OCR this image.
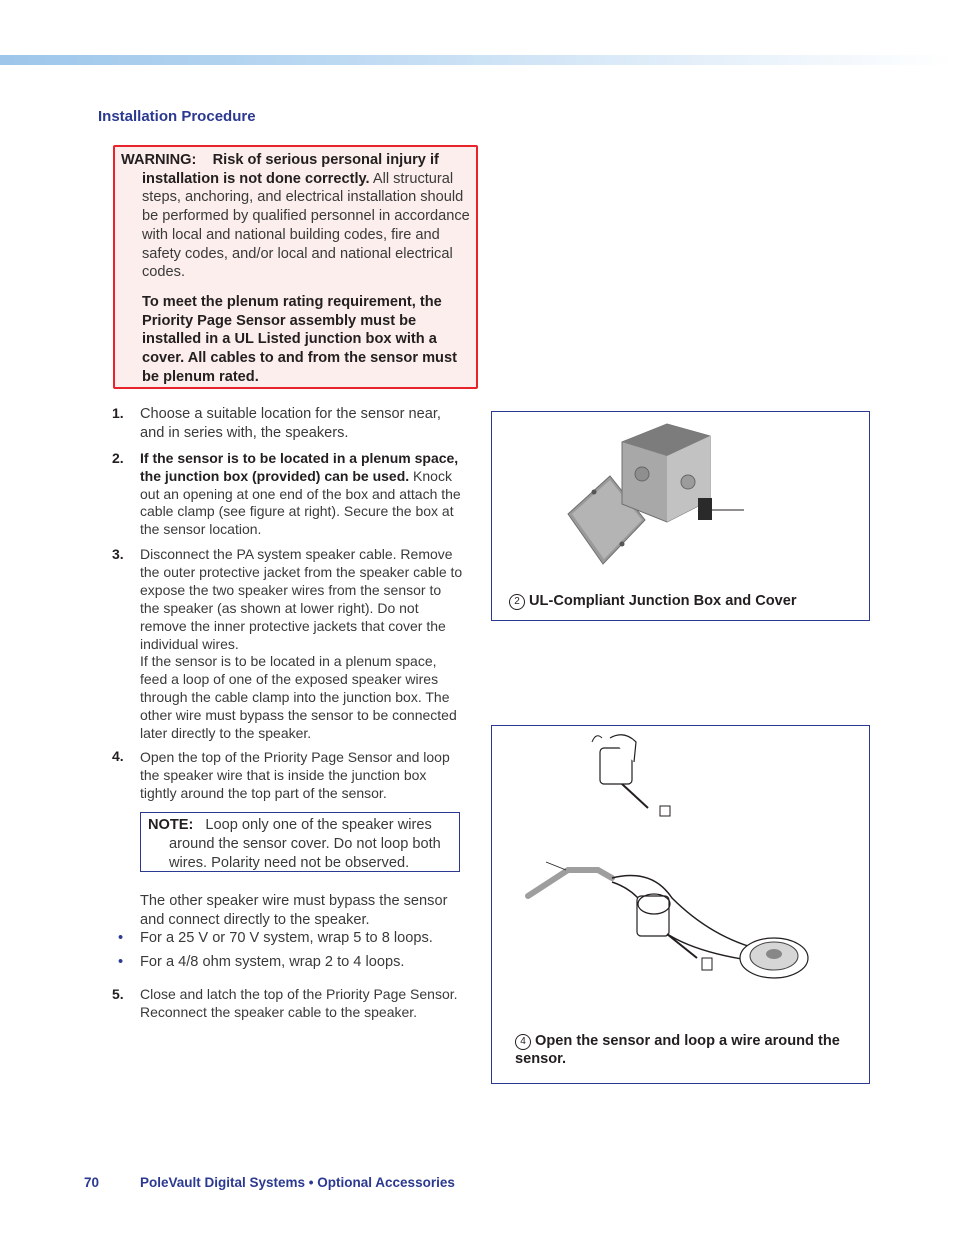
Installation Procedure
WARNING: Risk of serious personal injury if installation is not done correctly. All structural steps, anchoring, and electrical installation should be performed by qualified personnel in accordance with local and national building codes, fire and safety codes, and/or local and national electrical codes.
To meet the plenum rating requirement, the Priority Page Sensor assembly must be installed in a UL Listed junction box with a cover. All cables to and from the sensor must be plenum rated.
1. Choose a suitable location for the sensor near, and in series with, the speakers.
2. If the sensor is to be located in a plenum space, the junction box (provided) can be used. Knock out an opening at one end of the box and attach the cable clamp (see figure at right). Secure the box at the sensor location.
3. Disconnect the PA system speaker cable. Remove the outer protective jacket from the speaker cable to expose the two speaker wires from the sensor to the speaker (as shown at lower right). Do not remove the inner protective jackets that cover the individual wires.
If the sensor is to be located in a plenum space, feed a loop of one of the exposed speaker wires through the cable clamp into the junction box. The other wire must bypass the sensor to be connected later directly to the speaker.
4. Open the top of the Priority Page Sensor and loop the speaker wire that is inside the junction box tightly around the top part of the sensor.
5. Close and latch the top of the Priority Page Sensor. Reconnect the speaker cable to the speaker.
NOTE: Loop only one of the speaker wires around the sensor cover. Do not loop both wires. Polarity need not be observed.
The other speaker wire must bypass the sensor and connect directly to the speaker.
• For a 25 V or 70 V system, wrap 5 to 8 loops.
• For a 4/8 ohm system, wrap 2 to 4 loops.
2 UL-Compliant Junction Box and Cover
4 Open the sensor and loop a wire around the sensor.
70	PoleVault Digital Systems • Optional Accessories
